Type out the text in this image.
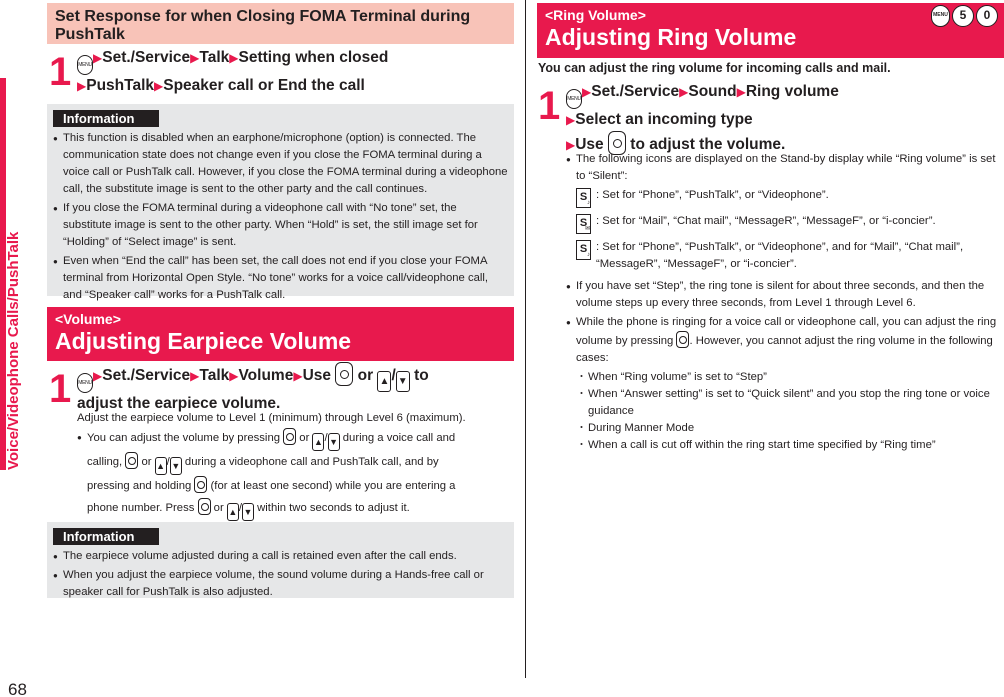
Voice/Videophone Calls/PushTalk
68
Set Response for when Closing FOMA Terminal during PushTalk
1 MENU▶Set./Service▶Talk▶Setting when closed
▶PushTalk▶Speaker call or End the call
Information
● This function is disabled when an earphone/microphone (option) is connected. The communication state does not change even if you close the FOMA terminal during a voice call or PushTalk call. However, if you close the FOMA terminal during a videophone call, the substitute image is sent to the other party and the call continues.
● If you close the FOMA terminal during a videophone call with “No tone” set, the substitute image is sent to the other party. When “Hold” is set, the still image set for “Holding” of “Select image” is sent.
● Even when “End the call” has been set, the call does not end if you close your FOMA terminal from Horizontal Open Style. “No tone” works for a voice call/videophone call, and “Speaker call” works for a PushTalk call.
<Volume>
Adjusting Earpiece Volume
1 MENU▶Set./Service▶Talk▶Volume▶Use or ▲ / ▼ to
adjust the earpiece volume.
Adjust the earpiece volume to Level 1 (minimum) through Level 6 (maximum).
● You can adjust the volume by pressing or ▲ / ▼ during a voice call and
calling, or ▲ / ▼ during a videophone call and PushTalk call, and by
pressing and holding (for at least one second) while you are entering a
phone number. Press or ▲ / ▼ within two seconds to adjust it.
Information
● The earpiece volume adjusted during a call is retained even after the call ends.
● When you adjust the earpiece volume, the sound volume during a Hands-free call or speaker call for PushTalk is also adjusted.
<Ring Volume>
Adjusting Ring Volume
MENU 5	0
You can adjust the ring volume for incoming calls and mail.
1 MENU▶Set./Service▶Sound▶Ring volume
▶Select an incoming type
▶Use to adjust the volume.
● The following icons are displayed on the Stand-by display while “Ring volume” is set to “Silent”:
S ♪
: Set for “Phone”, “PushTalk”, or “Videophone”.
S
✉
: Set for “Mail”, “Chat mail”, “MessageR”, “MessageF”, or “i-concier”.
S ♪
: Set for “Phone”, “PushTalk”, or “Videophone”, and for “Mail”, “Chat mail”, “MessageR”, “MessageF”, or “i-concier”.
● If you have set “Step”, the ring tone is silent for about three seconds, and then the volume steps up every three seconds, from Level 1 through Level 6.
● While the phone is ringing for a voice call or videophone call, you can adjust the ring volume by pressing . However, you cannot adjust the ring volume in the following cases:
・ When “Ring volume” is set to “Step”
・ When “Answer setting” is set to “Quick silent” and you stop the ring tone or voice guidance
・ During Manner Mode
・ When a call is cut off within the ring start time specified by “Ring time”
